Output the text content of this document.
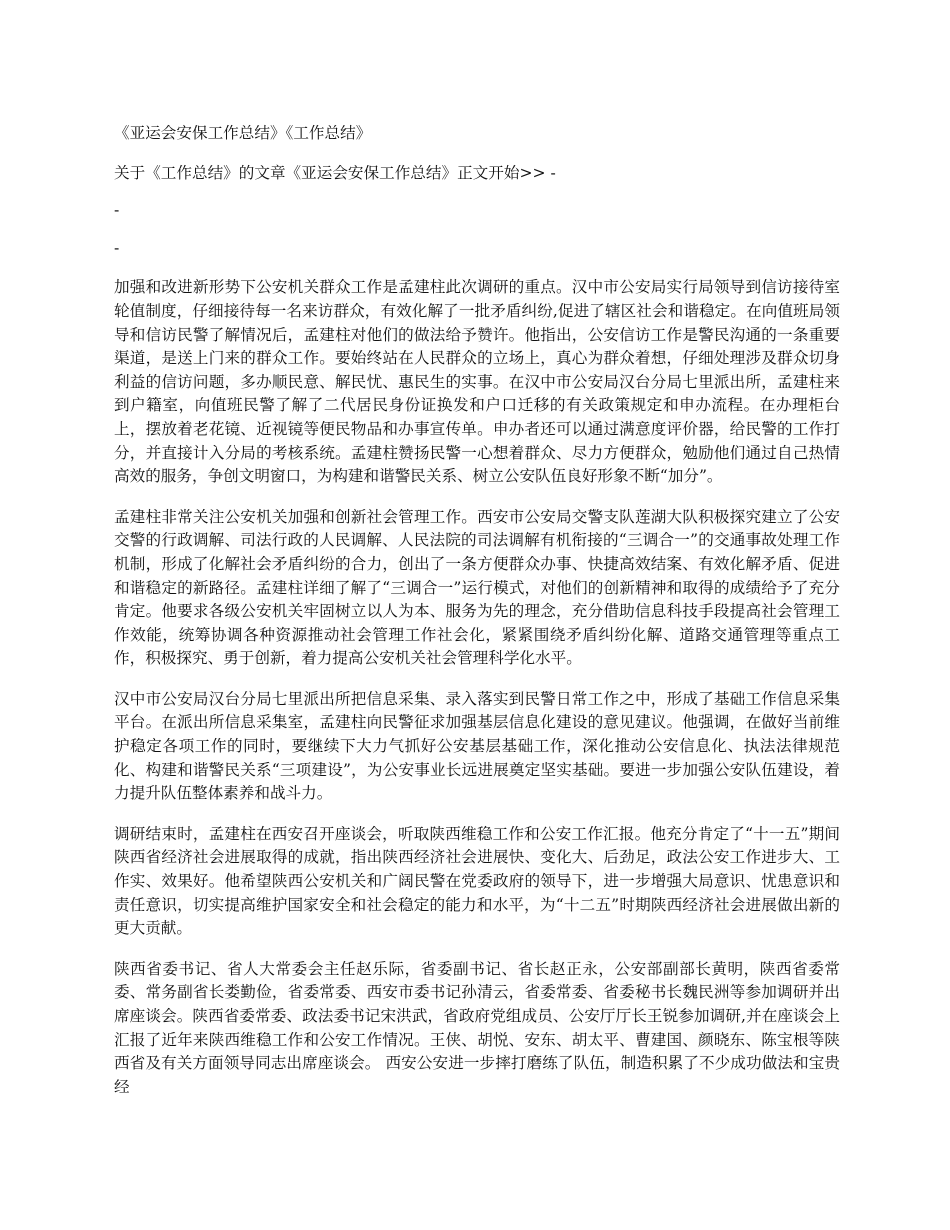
《亚运会安保工作总结》《工作总结》

关于《工作总结》的文章《亚运会安保工作总结》正文开始>> -

-

-

加强和改进新形势下公安机关群众工作是孟建柱此次调研的重点。汉中市公安局实行局领导到信访接待室轮值制度，仔细接待每一名来访群众，有效化解了一批矛盾纠纷,促进了辖区社会和谐稳定。在向值班局领导和信访民警了解情况后，孟建柱对他们的做法给予赞许。他指出，公安信访工作是警民沟通的一条重要渠道，是送上门来的群众工作。要始终站在人民群众的立场上，真心为群众着想，仔细处理涉及群众切身利益的信访问题，多办顺民意、解民忧、惠民生的实事。在汉中市公安局汉台分局七里派出所，孟建柱来到户籍室，向值班民警了解了二代居民身份证换发和户口迁移的有关政策规定和申办流程。在办理柜台上，摆放着老花镜、近视镜等便民物品和办事宣传单。申办者还可以通过满意度评价器，给民警的工作打分，并直接计入分局的考核系统。孟建柱赞扬民警一心想着群众、尽力方便群众，勉励他们通过自己热情高效的服务，争创文明窗口，为构建和谐警民关系、树立公安队伍良好形象不断“加分”。

孟建柱非常关注公安机关加强和创新社会管理工作。西安市公安局交警支队莲湖大队积极探究建立了公安交警的行政调解、司法行政的人民调解、人民法院的司法调解有机衔接的“三调合一”的交通事故处理工作机制，形成了化解社会矛盾纠纷的合力，创出了一条方便群众办事、快捷高效结案、有效化解矛盾、促进和谐稳定的新路径。孟建柱详细了解了“三调合一”运行模式，对他们的创新精神和取得的成绩给予了充分肯定。他要求各级公安机关牢固树立以人为本、服务为先的理念，充分借助信息科技手段提高社会管理工作效能，统筹协调各种资源推动社会管理工作社会化，紧紧围绕矛盾纠纷化解、道路交通管理等重点工作，积极探究、勇于创新，着力提高公安机关社会管理科学化水平。

汉中市公安局汉台分局七里派出所把信息采集、录入落实到民警日常工作之中，形成了基础工作信息采集平台。在派出所信息采集室，孟建柱向民警征求加强基层信息化建设的意见建议。他强调，在做好当前维护稳定各项工作的同时，要继续下大力气抓好公安基层基础工作，深化推动公安信息化、执法法律规范化、构建和谐警民关系“三项建设”，为公安事业长远进展奠定坚实基础。要进一步加强公安队伍建设，着力提升队伍整体素养和战斗力。

调研结束时，孟建柱在西安召开座谈会，听取陕西维稳工作和公安工作汇报。他充分肯定了“十一五”期间陕西省经济社会进展取得的成就，指出陕西经济社会进展快、变化大、后劲足，政法公安工作进步大、工作实、效果好。他希望陕西公安机关和广阔民警在党委政府的领导下，进一步增强大局意识、忧患意识和责任意识，切实提高维护国家安全和社会稳定的能力和水平，为“十二五”时期陕西经济社会进展做出新的更大贡献。

陕西省委书记、省人大常委会主任赵乐际，省委副书记、省长赵正永，公安部副部长黄明，陕西省委常委、常务副省长娄勤俭，省委常委、西安市委书记孙清云，省委常委、省委秘书长魏民洲等参加调研并出席座谈会。陕西省委常委、政法委书记宋洪武，省政府党组成员、公安厅厅长王锐参加调研,并在座谈会上汇报了近年来陕西维稳工作和公安工作情况。王侠、胡悦、安东、胡太平、曹建国、颜晓东、陈宝根等陕西省及有关方面领导同志出席座谈会。 西安公安进一步摔打磨练了队伍，制造积累了不少成功做法和宝贵经
